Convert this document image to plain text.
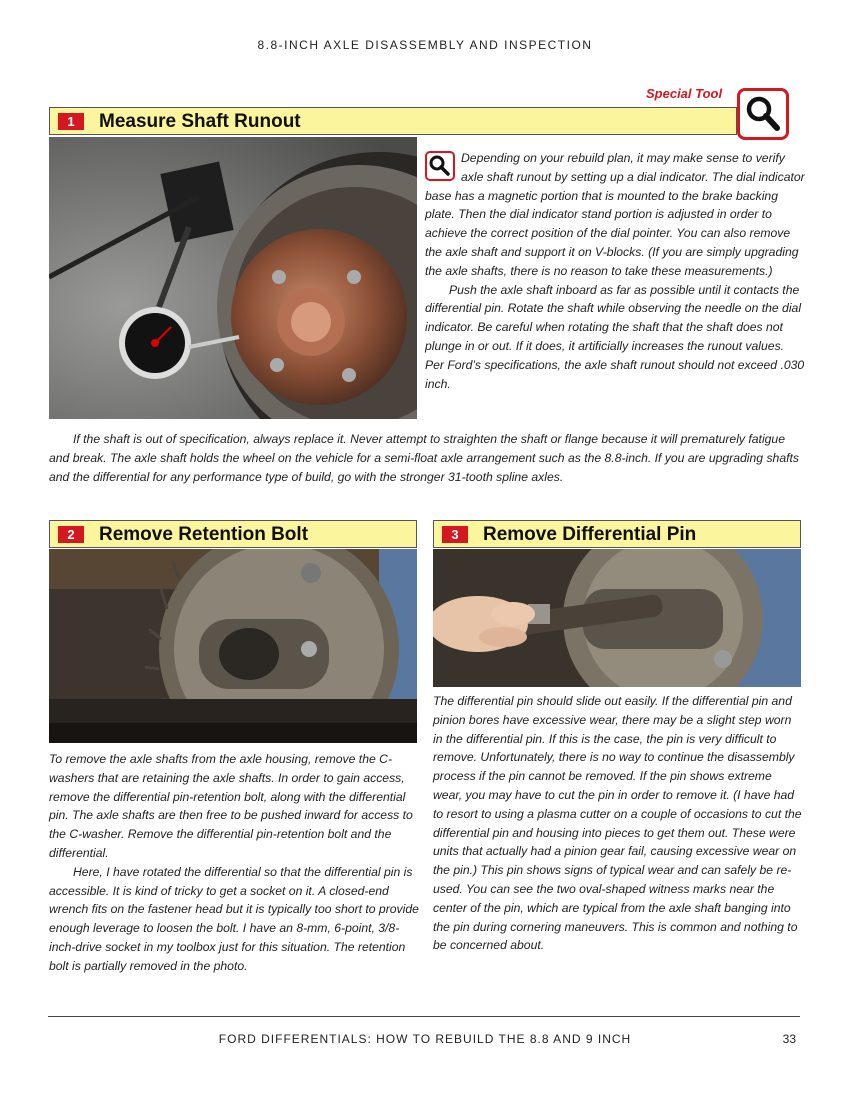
8.8-INCH AXLE DISASSEMBLY AND INSPECTION
Special Tool
1	Measure Shaft Runout

Depending on your rebuild plan, it may make sense to verify axle shaft runout by setting up a dial indicator. The dial indicator base has a magnetic portion that is mounted to the brake backing plate. Then the dial indicator stand portion is adjusted in order to achieve the correct position of the dial pointer. You can also remove the axle shaft and support it on V-blocks. (If you are simply upgrading the axle shafts, there is no reason to take these measurements.)

Push the axle shaft inboard as far as possible until it contacts the differential pin. Rotate the shaft while observing the needle on the dial indicator. Be careful when rotating the shaft that the shaft does not plunge in or out. If it does, it artificially increases the runout values. Per Ford’s specifications, the axle shaft runout should not exceed .030 inch.

If the shaft is out of specification, always replace it. Never attempt to straighten the shaft or flange because it will prematurely fatigue and break. The axle shaft holds the wheel on the vehicle for a semi-float axle arrangement such as the 8.8-inch. If you are upgrading shafts and the differential for any performance type of build, go with the stronger 31-tooth spline axles.

2	Remove Retention Bolt

To remove the axle shafts from the axle housing, remove the C-washers that are retaining the axle shafts. In order to gain access, remove the differential pin-retention bolt, along with the differential pin. The axle shafts are then free to be pushed inward for access to the C-washer. Remove the differential pin-retention bolt and the differential.

Here, I have rotated the differential so that the differential pin is accessible. It is kind of tricky to get a socket on it. A closed-end wrench fits on the fastener head but it is typically too short to provide enough leverage to loosen the bolt. I have an 8-mm, 6-point, 3/8-inch-drive socket in my toolbox just for this situation. The retention bolt is partially removed in the photo.

3	Remove Differential Pin

The differential pin should slide out easily. If the differential pin and pinion bores have excessive wear, there may be a slight step worn in the differential pin. If this is the case, the pin is very difficult to remove. Unfortunately, there is no way to continue the disassembly process if the pin cannot be removed. If the pin shows extreme wear, you may have to cut the pin in order to remove it. (I have had to resort to using a plasma cutter on a couple of occasions to cut the differential pin and housing into pieces to get them out. These were units that actually had a pinion gear fail, causing excessive wear on the pin.) This pin shows signs of typical wear and can safely be re-used. You can see the two oval-shaped witness marks near the center of the pin, which are typical from the axle shaft banging into the pin during cornering maneuvers. This is common and nothing to be concerned about.

FORD DIFFERENTIALS: HOW TO REBUILD THE 8.8 AND 9 INCH	33
